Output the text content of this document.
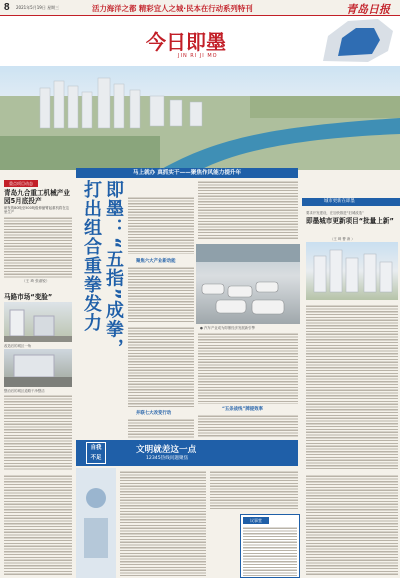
8 2021年5月19日 星期三	活力海洋之都 精彩宜人之城·民本在行动系列特刊	青岛日报
今日即墨
JIN RI JI MO
马上就办 真抓实干——聚焦作风能力提升年
重点项目动态
青岛九合重工机械产业园5月底投产
研发的80吨至500吨级伸缩臂起重机将在这里生产
（王 琦 张淑锐）
马路市场“变脸”
改造后的城区一角
整治后的城区道路干净整洁
即墨：“五指”成拳，打出组合重拳发力	聚焦六大产业新动能
● 汽车产业成为即墨经济发展新引擎
并联七大改变行动
“五条战线”牌提效率
城市更新在即墨
要求开发建设，在加快推进“旧城改造”
即墨城市更新项目“批量上新”
（王 琦 曹 涛 ）
自我
不足
文明就差这一点
12345热线问题聚焦
议事堂
